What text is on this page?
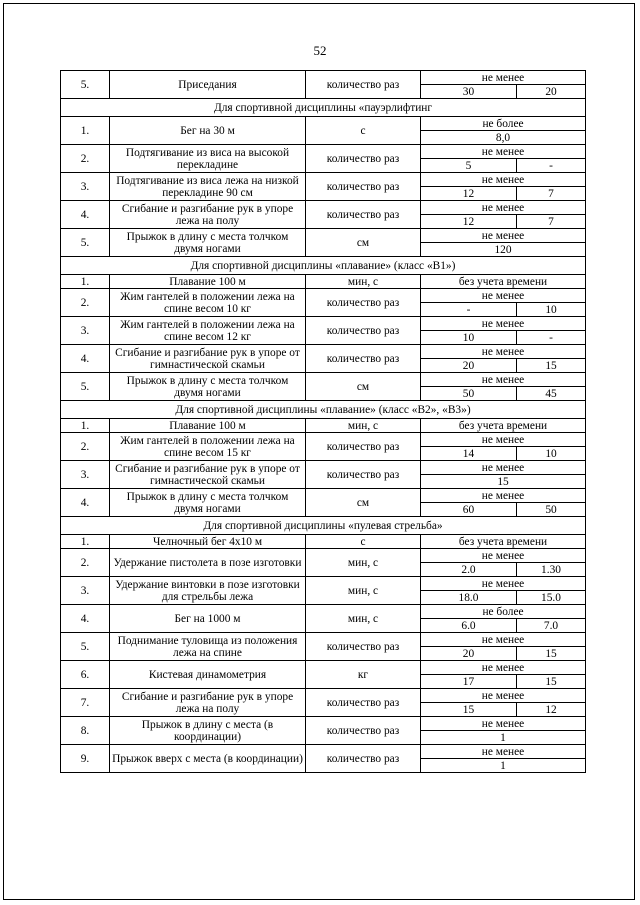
52
5.	Приседания	количество раз	не менее	
			30	20
Для спортивной дисциплины «пауэрлифтинг				
1.	Бег на 30 м	с	не более	
			8,0	
2.	Подтягивание из виса на высокой перекладине	количество раз	не менее	
			5	-
3.	Подтягивание из виса лежа на низкой перекладине 90 см	количество раз	не менее	
			12	7
4.	Сгибание и разгибание рук в упоре лежа на полу	количество раз	не менее	
			12	7
5.	Прыжок в длину с места толчком двумя ногами	см	не менее	
			120	
Для спортивной дисциплины «плавание» (класс «В1»)				
1.	Плавание 100 м	мин, с	без учета времени	
2.	Жим гантелей в положении лежа на спине весом 10 кг	количество раз	не менее	
			-	10
3.	Жим гантелей в положении лежа на спине весом 12 кг	количество раз	не менее	
			10	-
4.	Сгибание и разгибание рук в упоре от гимнастической скамьи	количество раз	не менее	
			20	15
5.	Прыжок в длину с места толчком двумя ногами	см	не менее	
			50	45
Для спортивной дисциплины «плавание» (класс «В2», «В3»)				
1.	Плавание 100 м	мин, с	без учета времени	
2.	Жим гантелей в положении лежа на спине весом 15 кг	количество раз	не менее	
			14	10
3.	Сгибание и разгибание рук в упоре от гимнастической скамьи	количество раз	не менее	
			15	
4.	Прыжок в длину с места толчком двумя ногами	см	не менее	
			60	50
Для спортивной дисциплины «пулевая стрельба»				
1.	Челночный бег 4х10 м	с	без учета времени	
2.	Удержание пистолета в позе изготовки	мин, с	не менее	
			2.0	1.30
3.	Удержание винтовки в позе изготовки для стрельбы лежа	мин, с	не менее	
			18.0	15.0
4.	Бег на 1000 м	мин, с	не более	
			6.0	7.0
5.	Поднимание туловища из положения лежа на спине	количество раз	не менее	
			20	15
6.	Кистевая динамометрия	кг	не менее	
			17	15
7.	Сгибание и разгибание рук в упоре лежа на полу	количество раз	не менее	
			15	12
8.	Прыжок в длину с места (в координации)	количество раз	не менее	
			1	
9.	Прыжок вверх с места (в координации)	количество раз	не менее	
			1	
